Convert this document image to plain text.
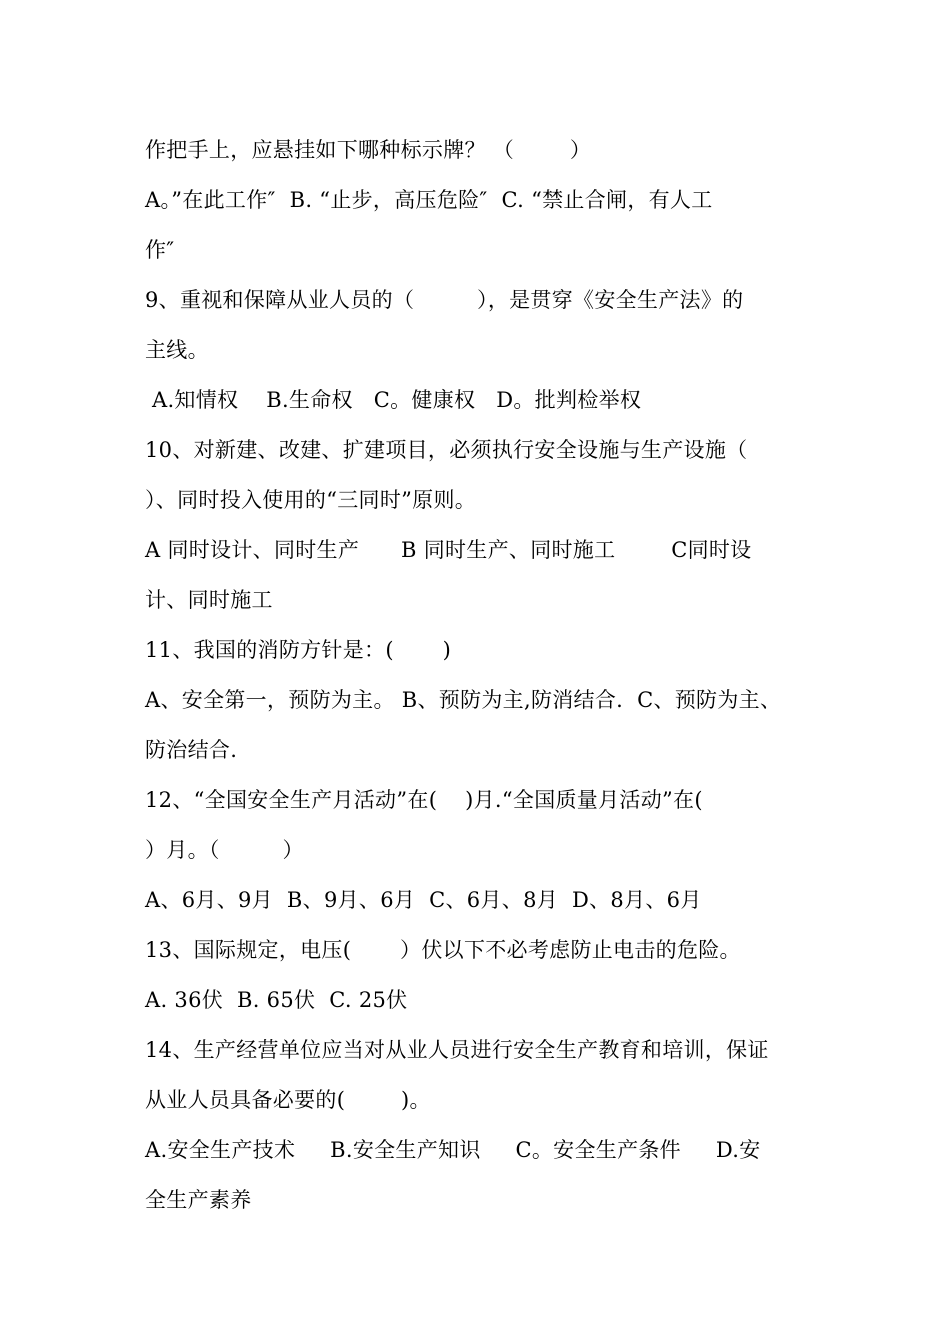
作把手上，应悬挂如下哪种标示牌？ （        ）
A。”在此工作″  B. “止步，高压危险″  C. “禁止合闸，有人工
作″
9、重视和保障从业人员的（         ），是贯穿《安全生产法》的
主线。
A.知情权    B.生命权   C。健康权   D。批判检举权
10、对新建、改建、扩建项目，必须执行安全设施与生产设施（
）、同时投入使用的“三同时”原则。
A 同时设计、同时生产      B 同时生产、同时施工        C同时设
计、同时施工
11、我国的消防方针是：(       )
A、安全第一，预防为主。 B、预防为主,防消结合.  C、预防为主、
防治结合.
12、“全国安全生产月活动”在(    )月.“全国质量月活动”在(
）月。（         ）
A、6月、9月  B、9月、6月  C、6月、8月  D、8月、6月
13、国际规定，电压(       ）伏以下不必考虑防止电击的危险。
A. 36伏  B. 65伏  C. 25伏
14、生产经营单位应当对从业人员进行安全生产教育和培训，保证
从业人员具备必要的(        )。
A.安全生产技术     B.安全生产知识     C。安全生产条件     D.安
全生产素养
